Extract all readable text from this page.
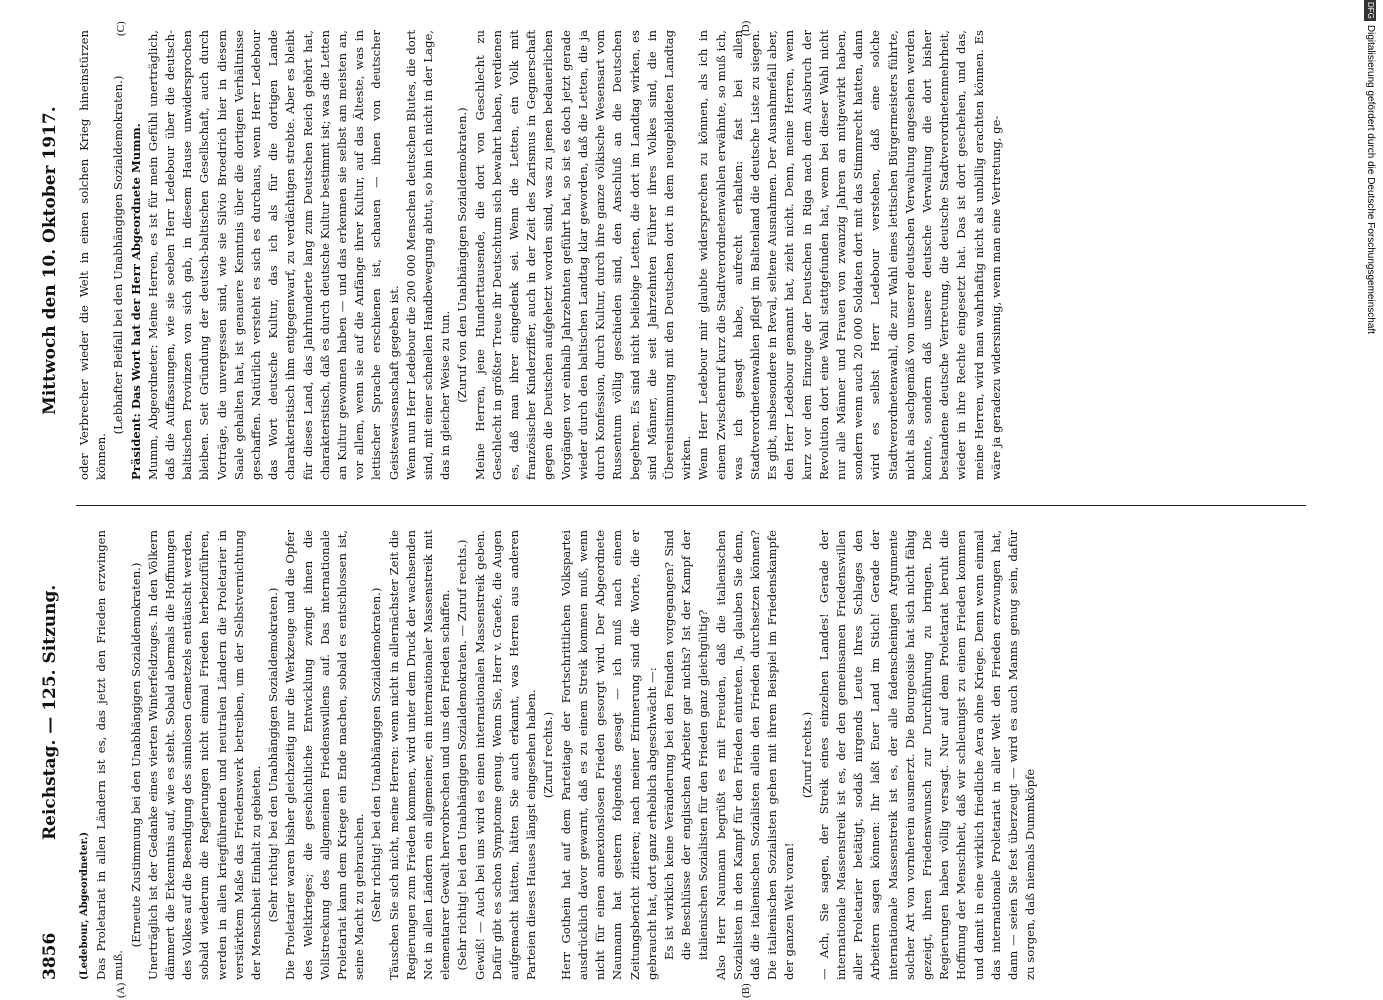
3856
Reichstag. — 125. Sitzung.
Mittwoch den 10. Oktober 1917.
(A)	(B)
(C)	(D)

(Ledebour, Abgeordneter.) Das Proletariat in allen Ländern ist es, das jetzt den Frieden erzwingen muß.

(Erneute Zustimmung bei den Unabhängigen Sozialdemokraten.) Unerträglich ist der Gedanke eines vierten Winterfeldzuges. In den Völkern dämmert die Erkenntnis auf, wie es steht. Sobald abermals die Hoffnungen des Volkes auf die Beendigung des sinnlosen Gemetzels enttäuscht werden, sobald wiederum die Regierungen nicht einmal Frieden herbeizuführen, werden in allen kriegführenden und neutralen Ländern die Proletarier in verstärktem Maße das Friedenswerk betreiben, um der Selbstvernichtung der Menschheit Einhalt zu gebieten. (Sehr richtig! bei den Unabhängigen Sozialdemokraten.) Die Proletarier waren bisher gleichzeitig nur die Werkzeuge und die Opfer des Weltkrieges; die geschichtliche Entwicklung zwingt ihnen die Vollstreckung des allgemeinen Friedenswillens auf. Das internationale Proletariat kann dem Kriege ein Ende machen, sobald es entschlossen ist, seine Macht zu gebrauchen. (Sehr richtig! bei den Unabhängigen Sozialdemokraten.) Täuschen Sie sich nicht, meine Herren: wenn nicht in allernächster Zeit die Regierungen zum Frieden kommen, wird unter dem Druck der wachsenden Not in allen Ländern ein allgemeiner, ein internationaler Massenstreik mit elementarer Gewalt hervorbrechen und uns den Frieden schaffen. (Sehr richtig! bei den Unabhängigen Sozialdemokraten. — Zuruf rechts.) Gewiß! — Auch bei uns wird es einen internationalen Massenstreik geben. Dafür gibt es schon Symptome genug. Wenn Sie, Herr v. Graefe, die Augen aufgemacht hätten, hätten Sie auch erkannt, was Herren aus anderen Parteien dieses Hauses längst eingesehen haben. (Zuruf rechts.) Herr Gothein hat auf dem Parteitage der Fortschrittlichen Volkspartei ausdrücklich davor gewarnt, daß es zu einem Streik kommen muß, wenn nicht für einen annexionslosen Frieden gesorgt wird. Der Abgeordnete Naumann hat gestern folgendes gesagt — ich muß nach einem Zeitungsbericht zitieren; nach meiner Erinnerung sind die Worte, die er gebraucht hat, dort ganz erheblich abgeschwächt —: Es ist wirklich keine Veränderung bei den Feinden vorgegangen? Sind die Beschlüsse der englischen Arbeiter gar nichts? Ist der Kampf der italienischen Sozialisten für den Frieden ganz gleichgültig? Also Herr Naumann begrüßt es mit Freuden, daß die italienischen Sozialisten in den Kampf für den Frieden eintreten. Ja, glauben Sie denn, daß die italienischen Sozialisten allein den Frieden durchsetzen können? Die italienischen Sozialisten gehen mit ihrem Beispiel im Friedenskampfe der ganzen Welt voran!

(Zuruf rechts.) — Ach, Sie sagen, der Streik eines einzelnen Landes! Gerade der internationale Massenstreik ist es, der den gemeinsamen Friedenswillen aller Proletarier betätigt, sodaß nirgends Leute Ihres Schlages den Arbeitern sagen können: Ihr laßt Euer Land im Stich! Gerade der internationale Massenstreik ist es, der alle fadenscheinigen Argumente solcher Art von vornherein ausmerzt. Die Bourgeoisie hat sich nicht fähig gezeigt, ihren Friedenswunsch zur Durchführung zu bringen. Die Regierungen haben völlig versagt. Nur auf dem Proletariat beruht die Hoffnung der Menschheit, daß wir schleunigst zu einem Frieden kommen und damit in eine wirklich friedliche Aera ohne Kriege. Denn wenn einmal das internationale Proletariat in aller Welt den Frieden erzwungen hat, dann — seien Sie fest überzeugt — wird es auch Manns genug sein, dafür zu sorgen, daß niemals Dummköpfe

oder Verbrecher wieder die Welt in einen solchen Krieg hineinstürzen können.

(Lebhafter Beifall bei den Unabhängigen Sozialdemokraten.) Präsident: Das Wort hat der Herr Abgeordnete Mumm. Mumm, Abgeordneter: Meine Herren, es ist für mein Gefühl unerträglich, daß die Auffassungen, wie sie soeben Herr Ledebour über die deutsch-baltischen Provinzen von sich gab, in diesem Hause unwidersprochen bleiben. Seit Gründung der deutsch-baltischen Gesellschaft, auch durch Vorträge, die unvergessen sind, wie sie Silvio Broedrich hier in diesem Saale gehalten hat, ist genauere Kenntnis über die dortigen Verhältnisse geschaffen. Natürlich versteht es sich es durchaus, wenn Herr Ledebour das Wort deutsche Kultur, das ich als für die dortigen Lande charakteristisch ihm entgegenwarf, zu verdächtigen strebte. Aber es bleibt für dieses Land, das Jahrhunderte lang zum Deutschen Reich gehört hat, charakteristisch, daß es durch deutsche Kultur bestimmt ist; was die Letten an Kultur gewonnen haben — und das erkennen sie selbst am meisten an, vor allem, wenn sie auf die Anfänge ihrer Kultur, auf das Älteste, was in lettischer Sprache erschienen ist, schauen — ihnen von deutscher Geisteswissenschaft gegeben ist. Wenn nun Herr Ledebour die 200 000 Menschen deutschen Blutes, die dort sind, mit einer schnellen Handbewegung abtut, so bin ich nicht in der Lage, das in gleicher Weise zu tun. (Zuruf von den Unabhängigen Sozialdemokraten.) Meine Herren, jene Hunderttausende, die dort von Geschlecht zu Geschlecht in größter Treue ihr Deutschtum sich bewahrt haben, verdienen es, daß man ihrer eingedenk sei. Wenn die Letten, ein Volk mit französischer Kinderziffer, auch in der Zeit des Zarismus in Gegnerschaft gegen die Deutschen aufgehetzt worden sind, was zu jenen bedauerlichen Vorgängen vor einhalb Jahrzehnten geführt hat, so ist es doch jetzt gerade wieder durch den baltischen Landtag klar geworden, daß die Letten, die ja durch Konfession, durch Kultur, durch ihre ganze völkische Wesensart vom Russentum völlig geschieden sind, den Anschluß an die Deutschen begehren. Es sind nicht beliebige Letten, die dort im Landtag wirken, es sind Männer, die seit Jahrzehnten Führer ihres Volkes sind, die in Übereinstimmung mit den Deutschen dort in dem neugebildeten Landtag wirken. Wenn Herr Ledebour mir glaubte widersprechen zu können, als ich in einem Zwischenruf kurz die Stadtverordnetenwahlen erwähnte, so muß ich, was ich gesagt habe, aufrecht erhalten: fast bei allen Stadtverordnetenwahlen pflegt im Baltenland die deutsche Liste zu siegen. Es gibt, insbesondere in Reval, seltene Ausnahmen. Der Ausnahmefall aber, den Herr Ledebour genannt hat, zieht nicht. Denn, meine Herren, wenn kurz vor dem Einzuge der Deutschen in Riga nach dem Ausbruch der Revolution dort eine Wahl stattgefunden hat, wenn bei dieser Wahl nicht nur alle Männer und Frauen von zwanzig Jahren an mitgewirkt haben, sondern wenn auch 20 000 Soldaten dort mit das Stimmrecht hatten, dann wird es selbst Herr Ledebour verstehen, daß eine solche Stadtverordnetenwahl, die zur Wahl eines lettischen Bürgermeisters führte, nicht als sachgemäß von unserer deutschen Verwaltung angesehen werden konnte, sondern daß unsere deutsche Verwaltung die dort bisher bestandene deutsche Vertretung, die deutsche Stadtverordnetenmehrheit, wieder in ihre Rechte eingesetzt hat. Das ist dort geschehen, und das, meine Herren, wird man wahrhaftig nicht als unbillig erachten können. Es wäre ja geradezu widersinnig, wenn man eine Vertretung, ge-

DFGDigitalisierung gefördert durch die Deutsche Forschungsgemeinschaft
